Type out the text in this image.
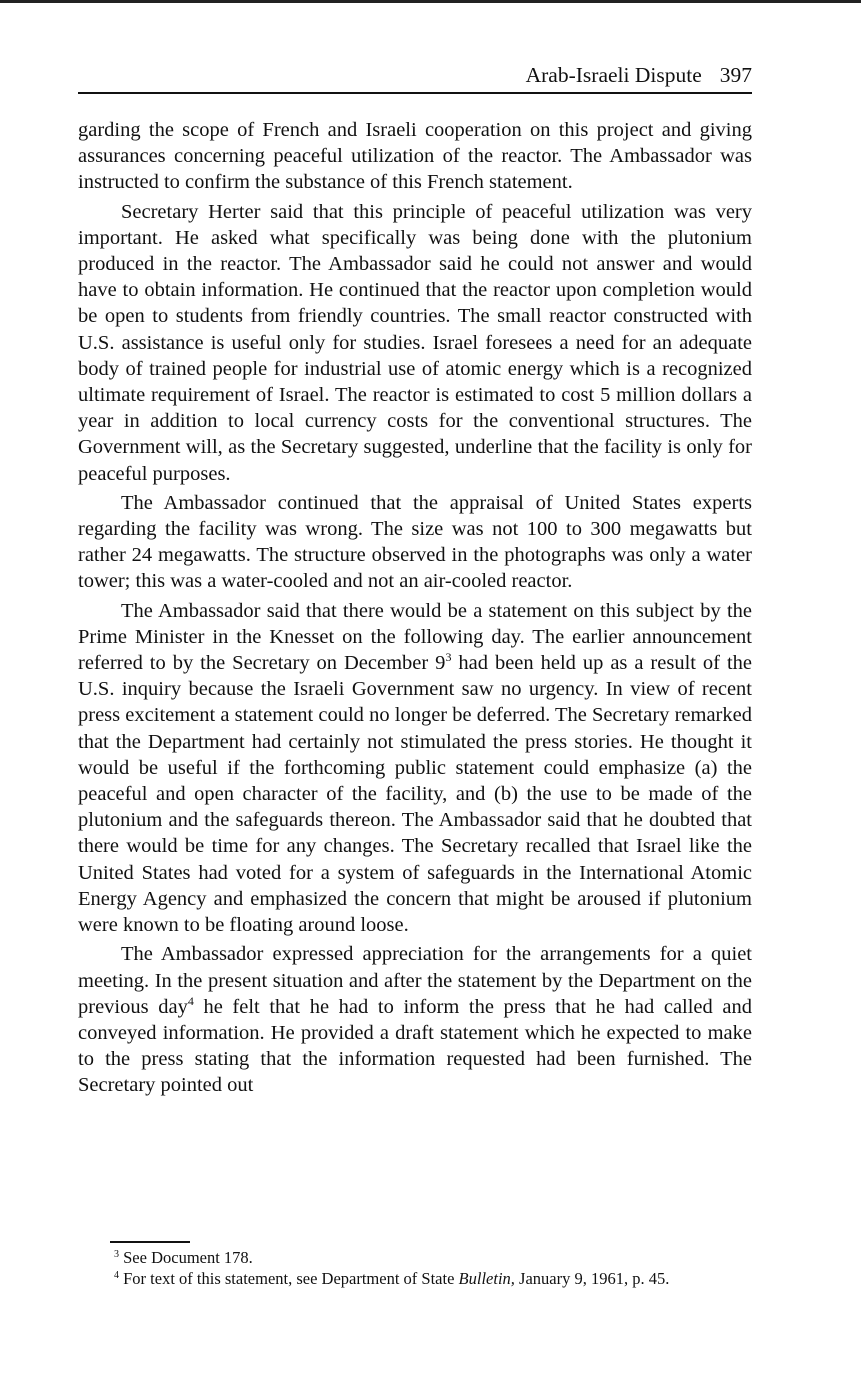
Arab-Israeli Dispute 397

garding the scope of French and Israeli cooperation on this project and giving assurances concerning peaceful utilization of the reactor. The Ambassador was instructed to confirm the substance of this French statement.

Secretary Herter said that this principle of peaceful utilization was very important. He asked what specifically was being done with the plutonium produced in the reactor. The Ambassador said he could not answer and would have to obtain information. He continued that the reactor upon completion would be open to students from friendly countries. The small reactor constructed with U.S. assistance is useful only for studies. Israel foresees a need for an adequate body of trained people for industrial use of atomic energy which is a recognized ultimate requirement of Israel. The reactor is estimated to cost 5 million dollars a year in addition to local currency costs for the conventional structures. The Government will, as the Secretary suggested, underline that the facility is only for peaceful purposes.

The Ambassador continued that the appraisal of United States experts regarding the facility was wrong. The size was not 100 to 300 megawatts but rather 24 megawatts. The structure observed in the photographs was only a water tower; this was a water-cooled and not an air-cooled reactor.

The Ambassador said that there would be a statement on this subject by the Prime Minister in the Knesset on the following day. The earlier announcement referred to by the Secretary on December $9^3$ had been held up as a result of the U.S. inquiry because the Israeli Government saw no urgency. In view of recent press excitement a statement could no longer be deferred. The Secretary remarked that the Department had certainly not stimulated the press stories. He thought it would be useful if the forthcoming public statement could emphasize (a) the peaceful and open character of the facility, and (b) the use to be made of the plutonium and the safeguards thereon. The Ambassador said that he doubted that there would be time for any changes. The Secretary recalled that Israel like the United States had voted for a system of safeguards in the International Atomic Energy Agency and emphasized the concern that might be aroused if plutonium were known to be floating around loose.

The Ambassador expressed appreciation for the arrangements for a quiet meeting. In the present situation and after the statement by the Department on the previous day$^4$ he felt that he had to inform the press that he had called and conveyed information. He provided a draft statement which he expected to make to the press stating that the information requested had been furnished. The Secretary pointed out

$^3$ See Document 178.
$^4$ For text of this statement, see Department of State Bulletin, January 9, 1961, p. 45.
